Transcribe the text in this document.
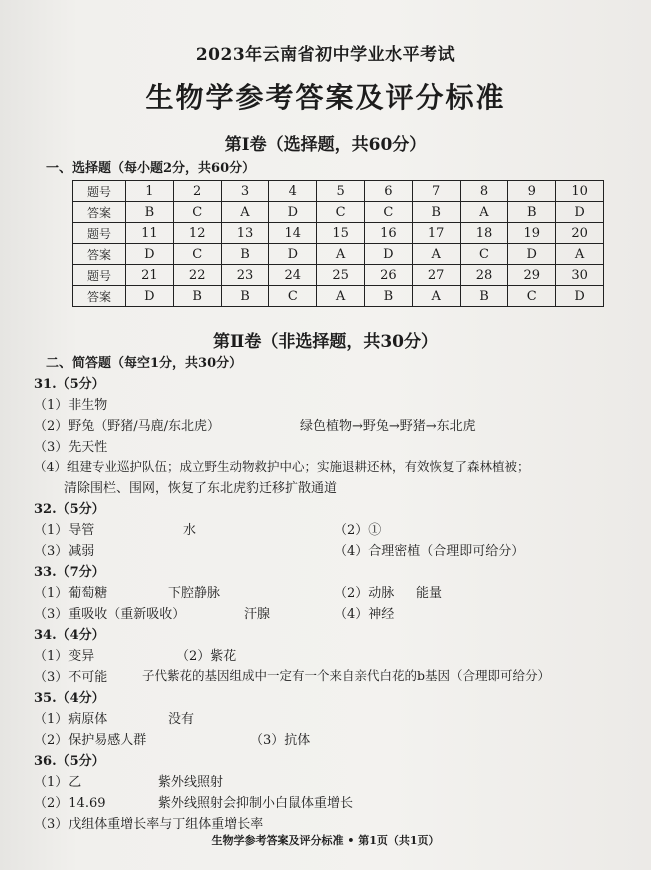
2023年云南省初中学业水平考试
生物学参考答案及评分标准
第Ⅰ卷（选择题，共60分）
一、选择题（每小题2分，共60分）
题号	1	2	3	4	5	6	7	8	9	10
答案	B	C	A	D	C	C	B	A	B	D
题号	11	12	13	14	15	16	17	18	19	20
答案	D	C	B	D	A	D	A	C	D	A
题号	21	22	23	24	25	26	27	28	29	30
答案	D	B	B	C	A	B	A	B	C	D
第Ⅱ卷（非选择题，共30分）
二、简答题（每空1分，共30分）
31.（5分）
（1）非生物
（2）野兔（野猪/马鹿/东北虎）	绿色植物→野兔→野猪→东北虎
（3）先天性
（4）组建专业巡护队伍；成立野生动物救护中心；实施退耕还林，有效恢复了森林植被；
清除围栏、围网，恢复了东北虎豹迁移扩散通道
32.（5分）
（1）导管	水	（2）①
（3）减弱	（4）合理密植（合理即可给分）
33.（7分）
（1）葡萄糖	下腔静脉	（2）动脉 能量
（3）重吸收（重新吸收）	汗腺	（4）神经
34.（4分）
（1）变异	（2）紫花
（3）不可能	子代紫花的基因组成中一定有一个来自亲代白花的b基因（合理即可给分）
35.（4分）
（1）病原体	没有
（2）保护易感人群	（3）抗体
36.（5分）
（1）乙	紫外线照射
（2）14.69	紫外线照射会抑制小白鼠体重增长
（3）戊组体重增长率与丁组体重增长率
生物学参考答案及评分标准 • 第1页（共1页）
